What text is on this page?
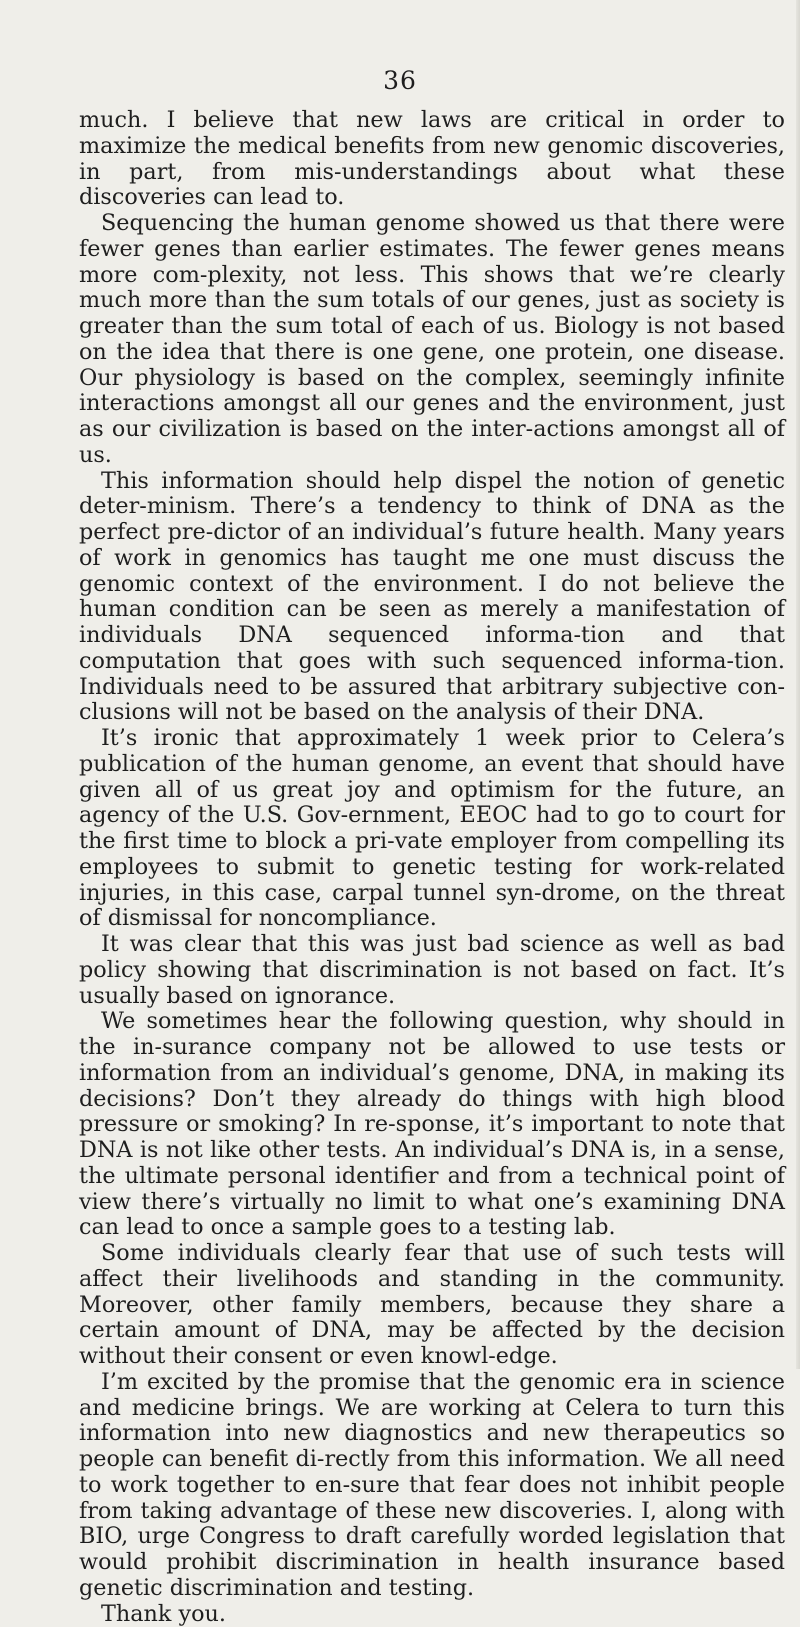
36

much. I believe that new laws are critical in order to maximize the medical benefits from new genomic discoveries, in part, from mis-understandings about what these discoveries can lead to.

Sequencing the human genome showed us that there were fewer genes than earlier estimates. The fewer genes means more com-plexity, not less. This shows that we’re clearly much more than the sum totals of our genes, just as society is greater than the sum total of each of us. Biology is not based on the idea that there is one gene, one protein, one disease. Our physiology is based on the complex, seemingly infinite interactions amongst all our genes and the environment, just as our civilization is based on the inter-actions amongst all of us.

This information should help dispel the notion of genetic deter-minism. There’s a tendency to think of DNA as the perfect pre-dictor of an individual’s future health. Many years of work in genomics has taught me one must discuss the genomic context of the environment. I do not believe the human condition can be seen as merely a manifestation of individuals DNA sequenced informa-tion and that computation that goes with such sequenced informa-tion. Individuals need to be assured that arbitrary subjective con-clusions will not be based on the analysis of their DNA.

It’s ironic that approximately 1 week prior to Celera’s publication of the human genome, an event that should have given all of us great joy and optimism for the future, an agency of the U.S. Gov-ernment, EEOC had to go to court for the first time to block a pri-vate employer from compelling its employees to submit to genetic testing for work-related injuries, in this case, carpal tunnel syn-drome, on the threat of dismissal for noncompliance.

It was clear that this was just bad science as well as bad policy showing that discrimination is not based on fact. It’s usually based on ignorance.

We sometimes hear the following question, why should in the in-surance company not be allowed to use tests or information from an individual’s genome, DNA, in making its decisions? Don’t they already do things with high blood pressure or smoking? In re-sponse, it’s important to note that DNA is not like other tests. An individual’s DNA is, in a sense, the ultimate personal identifier and from a technical point of view there’s virtually no limit to what one’s examining DNA can lead to once a sample goes to a testing lab.

Some individuals clearly fear that use of such tests will affect their livelihoods and standing in the community. Moreover, other family members, because they share a certain amount of DNA, may be affected by the decision without their consent or even knowl-edge.

I’m excited by the promise that the genomic era in science and medicine brings. We are working at Celera to turn this information into new diagnostics and new therapeutics so people can benefit di-rectly from this information. We all need to work together to en-sure that fear does not inhibit people from taking advantage of these new discoveries. I, along with BIO, urge Congress to draft carefully worded legislation that would prohibit discrimination in health insurance based genetic discrimination and testing.

Thank you.
